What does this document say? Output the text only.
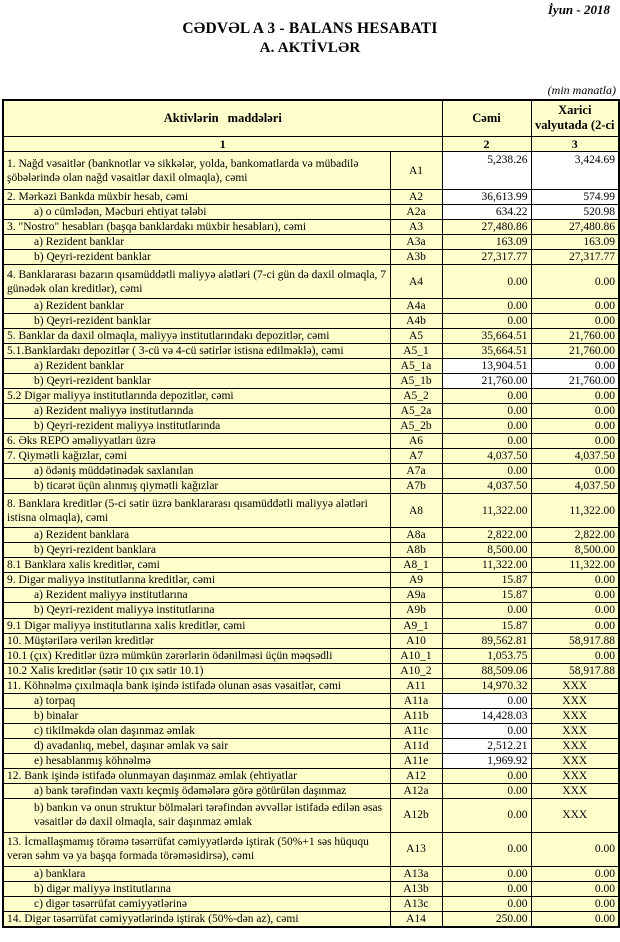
İyun - 2018
CƏDVƏL A 3 - BALANS HESABATI
A. AKTİVLƏR
(min manatla)
Aktivlərin maddələri		Cəmi	Xarici valyutada (2-ci
1		2	3
1. Nağd vəsaitlər (banknotlar və sikkələr, yolda, bankomatlarda və mübadilə şöbələrində olan nağd vəsaitlər daxil olmaqla), cəmi	A1	5,238.26	3,424.69
2. Mərkəzi Bankda müxbir hesab, cəmi	A2	36,613.99	574.99
a) o cümlədən, Məcburi ehtiyat tələbi	A2a	634.22	520.98
3. "Nostro" hesabları (başqa banklardakı müxbir hesabları), cəmi	A3	27,480.86	27,480.86
a) Rezident banklar	A3a	163.09	163.09
b) Qeyri-rezident banklar	A3b	27,317.77	27,317.77
4. Banklararası bazarın qısamüddətli maliyyə alətləri (7-ci gün də daxil olmaqla, 7 günədək olan kreditlər), cəmi	A4	0.00	0.00
a) Rezident banklar	A4a	0.00	0.00
b) Qeyri-rezident banklar	A4b	0.00	0.00
5. Banklar da daxil olmaqla, maliyyə institutlarındakı depozitlər, cəmi	A5	35,664.51	21,760.00
5.1.Banklardakı depozitlər ( 3-cü və 4-cü sətirlər istisna edilməklə), cəmi	A5_1	35,664.51	21,760.00
a) Rezident banklar	A5_1a	13,904.51	0.00
b) Qeyri-rezident banklar	A5_1b	21,760.00	21,760.00
5.2 Digər maliyyə institutlarında depozitlər, cəmi	A5_2	0.00	0.00
a) Rezident maliyyə institutlarında	A5_2a	0.00	0.00
b) Qeyri-rezident maliyyə institutlarında	A5_2b	0.00	0.00
6. Əks REPO əməliyyatları üzrə	A6	0.00	0.00
7. Qiymətli kağızlar, cəmi	A7	4,037.50	4,037.50
a) ödəniş müddətinədək saxlanılan	A7a	0.00	0.00
b) ticarət üçün alınmış qiymətli kağızlar	A7b	4,037.50	4,037.50
8. Banklara kreditlər (5-ci sətir üzrə banklararası qısamüddətli maliyyə alətləri istisna olmaqla), cəmi	A8	11,322.00	11,322.00
a) Rezident banklara	A8a	2,822.00	2,822.00
b) Qeyri-rezident banklara	A8b	8,500.00	8,500.00
8.1 Banklara xalis kreditlər, cəmi	A8_1	11,322.00	11,322.00
9. Digər maliyyə institutlarına kreditlər, cəmi	A9	15.87	0.00
a) Rezident maliyyə institutlarına	A9a	15.87	0.00
b) Qeyri-rezident maliyyə institutlarına	A9b	0.00	0.00
9.1 Digər maliyyə institutlarına xalis kreditlər, cəmi	A9_1	15.87	0.00
10. Müştərilərə verilən kreditlər	A10	89,562.81	58,917.88
10.1 (çıx) Kreditlər üzrə mümkün zərərlərin ödənilməsi üçün məqsədli	A10_1	1,053.75	0.00
10.2 Xalis kreditlər (sətir 10 çıx sətir 10.1)	A10_2	88,509.06	58,917.88
11. Köhnəlmə çıxılmaqla bank işində istifadə olunan əsas vəsaitlər, cəmi	A11	14,970.32	XXX
a) torpaq	A11a	0.00	XXX
b) binalar	A11b	14,428.03	XXX
c) tikilməkdə olan daşınmaz əmlak	A11c	0.00	XXX
d) avadanlıq, mebel, daşınar əmlak və sair	A11d	2,512.21	XXX
e) hesablanmış köhnəlmə	A11e	1,969.92	XXX
12. Bank işində istifadə olunmayan daşınmaz əmlak (ehtiyatlar	A12	0.00	XXX
a) bank tərəfindən vaxtı keçmiş ödəmələrə görə götürülən daşınmaz	A12a	0.00	XXX
b) bankın və onun struktur bölmələri tərəfindən əvvəllər istifadə edilən əsas vəsaitlər də daxil olmaqla, sair daşınmaz əmlak	A12b	0.00	XXX
13. İcmallaşmamış törəmə təsərrüfat cəmiyyətlərdə iştirak (50%+1 səs hüququ verən səhm və ya başqa formada törəməsidirsə), cəmi	A13	0.00	0.00
a) banklara	A13a	0.00	0.00
b) digər maliyyə institutlarına	A13b	0.00	0.00
c) digər təsərrüfat cəmiyyətlərinə	A13c	0.00	0.00
14. Digər təsərrüfat cəmiyyətlərində iştirak (50%-dən az), cəmi	A14	250.00	0.00
